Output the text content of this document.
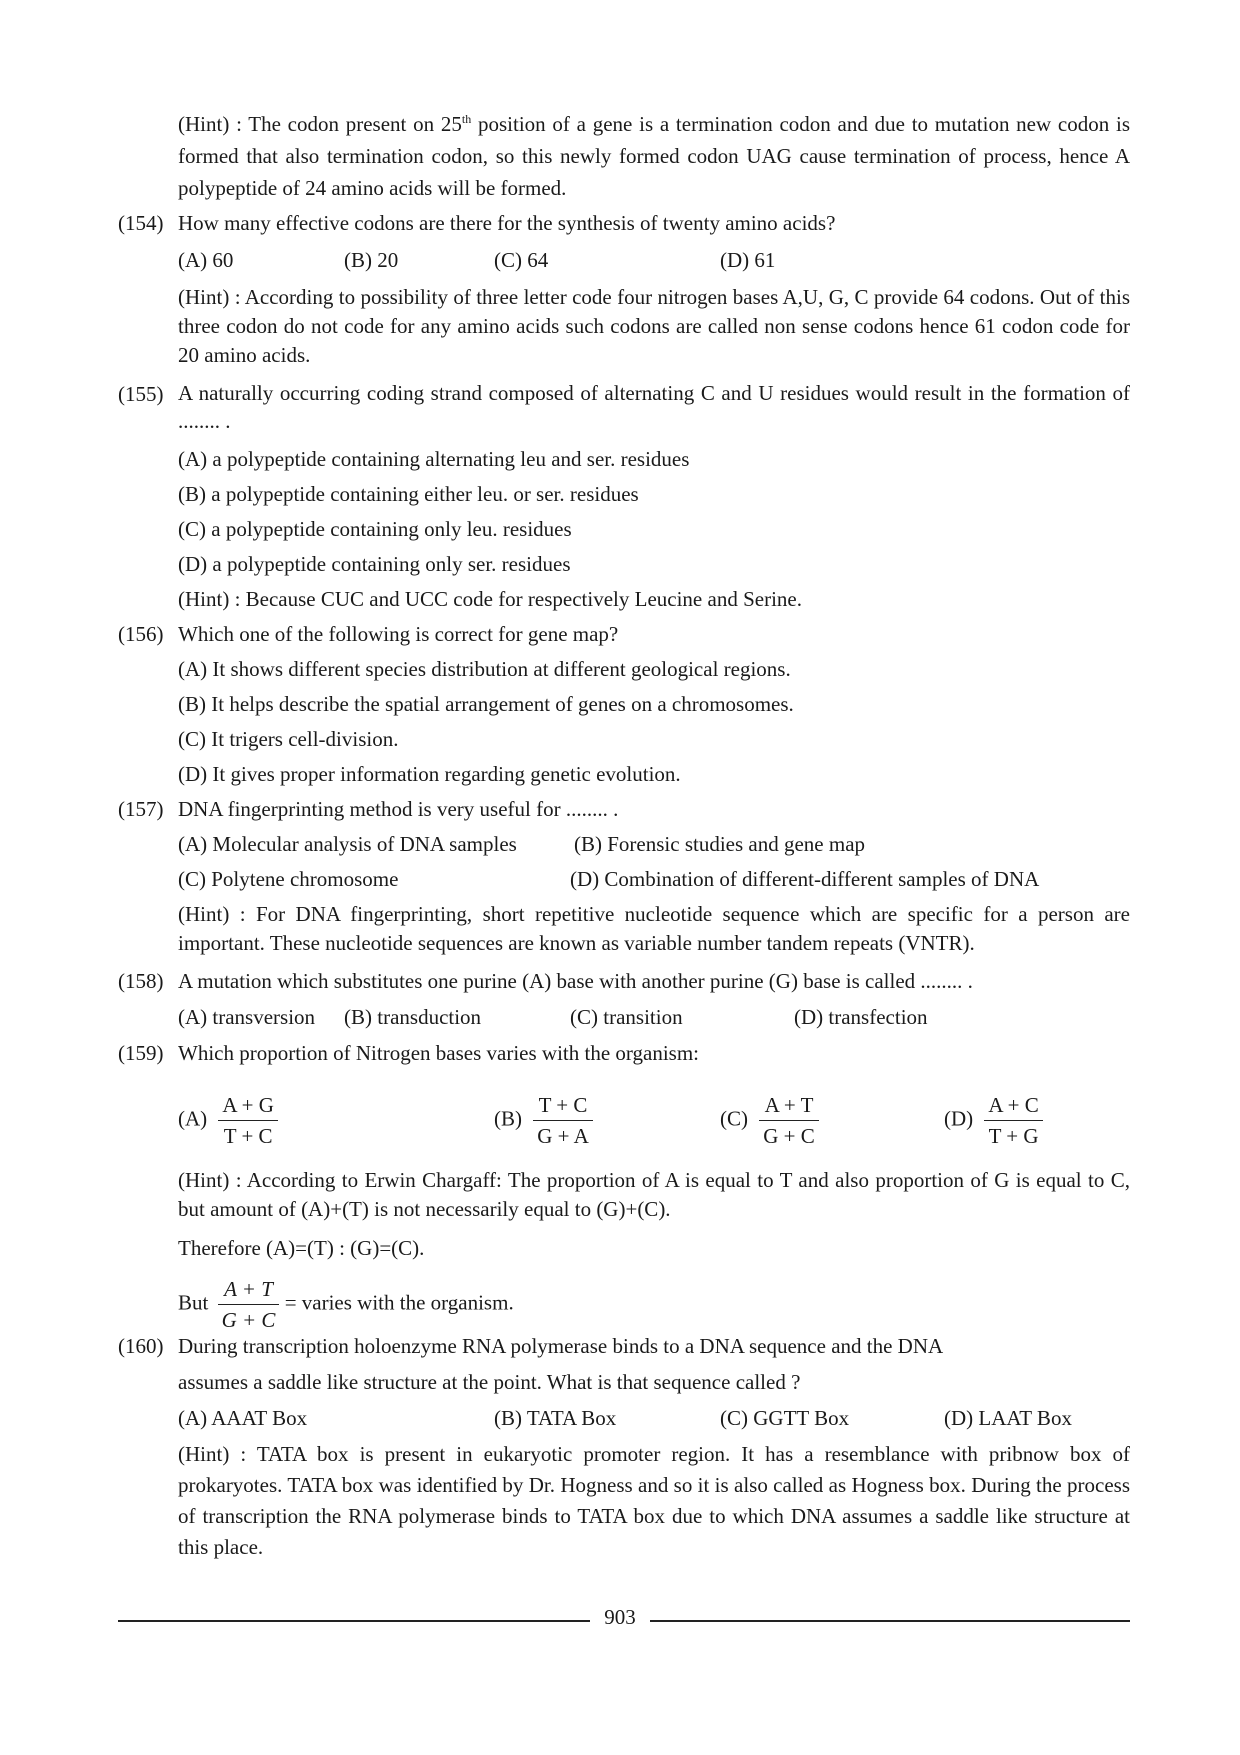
(Hint) : The codon present on 25th position of a gene is a termination codon and due to mutation new codon is formed that also termination codon, so this newly formed codon UAG cause termination of process, hence A polypeptide of 24 amino acids will be formed.
(154) How many effective codons are there for the synthesis of twenty amino acids?
(A) 60	(B) 20	(C) 64	(D) 61
(Hint) : According to possibility of three letter code four nitrogen bases A,U, G, C provide 64 codons. Out of this three codon do not code for any amino acids such codons are called non sense codons hence 61 codon code for 20 amino acids.
(155) A naturally occurring coding strand composed of alternating C and U residues would result in the formation of ........ .
(A) a polypeptide containing alternating leu and ser. residues
(B) a polypeptide containing either leu. or ser. residues
(C) a polypeptide containing only leu. residues
(D) a polypeptide containing only ser. residues
(Hint) : Because CUC and UCC code for respectively Leucine and Serine.
(156) Which one of the following is correct for gene map?
(A) It shows different species distribution at different geological regions.
(B) It helps describe the spatial arrangement of genes on a chromosomes.
(C) It trigers cell-division.
(D) It gives proper information regarding genetic evolution.
(157) DNA fingerprinting method is very useful for ........ .
(A) Molecular analysis of DNA samples	(B) Forensic studies and gene map
(C) Polytene chromosome	(D) Combination of different-different samples of DNA
(Hint) : For DNA fingerprinting, short repetitive nucleotide sequence which are specific for a person are important. These nucleotide sequences are known as variable number tandem repeats (VNTR).
(158) A mutation which substitutes one purine (A) base with another purine (G) base is called ........ .
(A) transversion (B) transduction	(C) transition	(D) transfection
(159) Which proportion of Nitrogen bases varies with the organism:
$(A) \frac{A + G}{T + C}$	$(B) \frac{T + C}{G + A}$	$(C) \frac{A + T}{G + C}$	$(D) \frac{A + C}{T + G}$
(Hint) : According to Erwin Chargaff: The proportion of A is equal to T and also proportion of G is equal to C, but amount of (A)+(T) is not necessarily equal to (G)+(C).
Therefore (A)=(T) : (G)=(C).
But $\frac{A + T}{G + C}$ = varies with the organism.
(160) During transcription holoenzyme RNA polymerase binds to a DNA sequence and the DNA
assumes a saddle like structure at the point. What is that sequence called ?
(A) AAAT Box	(B) TATA Box	(C) GGTT Box	(D) LAAT Box
(Hint) : TATA box is present in eukaryotic promoter region. It has a resemblance with pribnow box of prokaryotes. TATA box was identified by Dr. Hogness and so it is also called as Hogness box. During the process of transcription the RNA polymerase binds to TATA box due to which DNA assumes a saddle like structure at this place.
903
